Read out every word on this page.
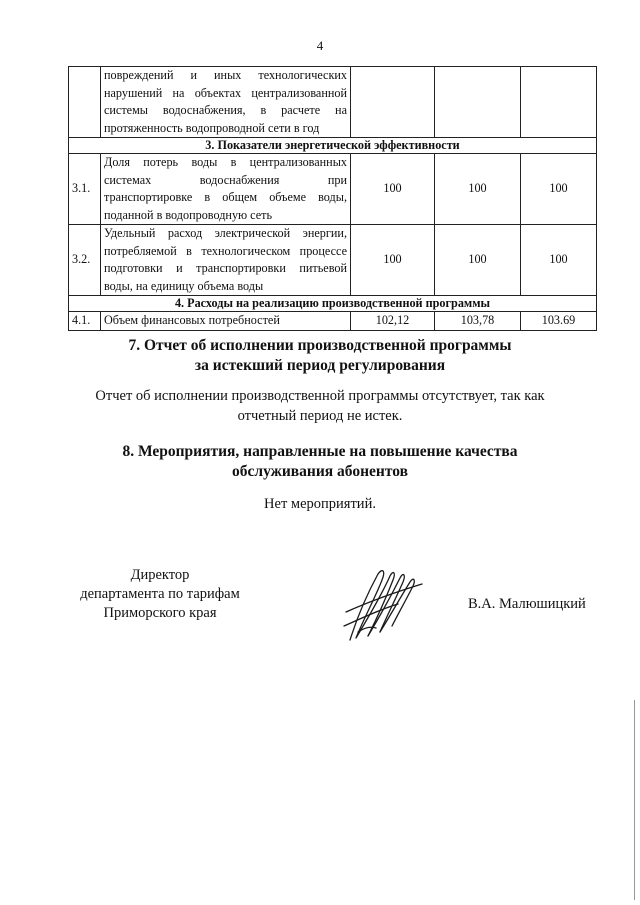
4
	повреждений и иных технологических нарушений на объектах централизованной системы водоснабжения, в расчете на протяженность водопроводной сети в год			
3. Показатели энергетической эффективности				
3.1.	Доля потерь воды в централизованных системах водоснабжения при транспортировке в общем объеме воды, поданной в водопроводную сеть	100	100	100
3.2.	Удельный расход электрической энергии, потребляемой в технологическом процессе подготовки и транспортировки питьевой воды, на единицу объема воды	100	100	100
4. Расходы на реализацию производственной программы				
4.1.	Объем финансовых потребностей	102,12	103,78	103.69
7. Отчет об исполнении производственной программы
за истекший период регулирования
Отчет об исполнении производственной программы отсутствует, так как
отчетный период не истек.
8. Мероприятия, направленные на повышение качества
обслуживания абонентов
Нет мероприятий.
Директор
департамента по тарифам
Приморского края
В.А. Малюшицкий
